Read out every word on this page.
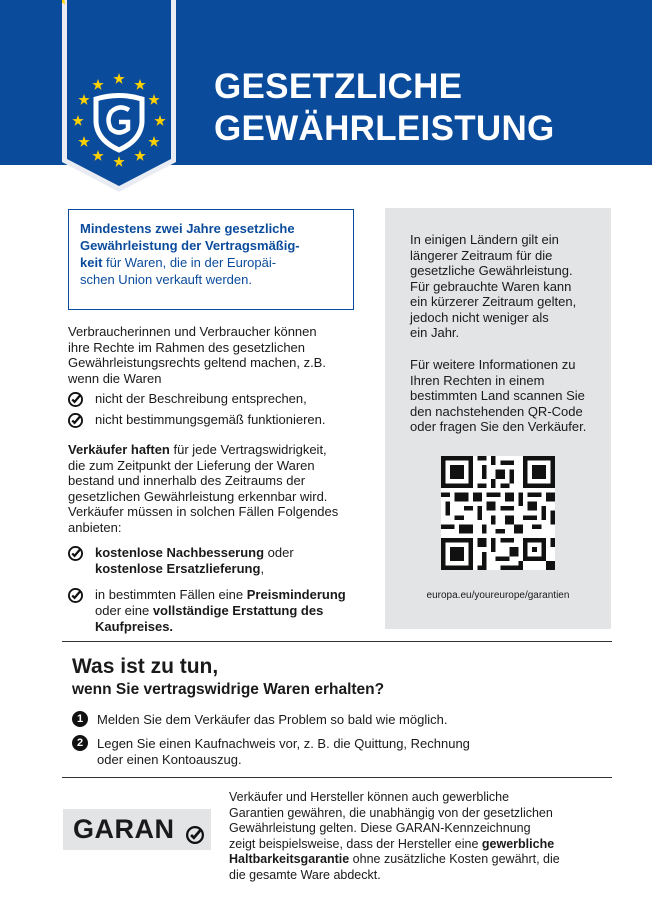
GESETZLICHE
GEWÄHRLEISTUNG
Mindestens zwei Jahre gesetzliche
Gewährleistung der Vertragsmäßig-
keit für Waren, die in der Europäi-
schen Union verkauft werden.
Verbraucherinnen und Verbraucher können
ihre Rechte im Rahmen des gesetzlichen
Gewährleistungsrechts geltend machen, z.B.
wenn die Waren
nicht der Beschreibung entsprechen,
nicht bestimmungsgemäß funktionieren.
Verkäufer haften für jede Vertragswidrigkeit,
die zum Zeitpunkt der Lieferung der Waren
bestand und innerhalb des Zeitraums der
gesetzlichen Gewährleistung erkennbar wird.
Verkäufer müssen in solchen Fällen Folgendes
anbieten:
kostenlose Nachbesserung oder
kostenlose Ersatzlieferung,
in bestimmten Fällen eine Preisminderung
oder eine vollständige Erstattung des
Kaufpreises.
In einigen Ländern gilt ein
längerer Zeitraum für die
gesetzliche Gewährleistung.
Für gebrauchte Waren kann
ein kürzerer Zeitraum gelten,
jedoch nicht weniger als
ein Jahr.
Für weitere Informationen zu
Ihren Rechten in einem
bestimmten Land scannen Sie
den nachstehenden QR-Code
oder fragen Sie den Verkäufer.
europa.eu/youreurope/garantien
Was ist zu tun,
wenn Sie vertragswidrige Waren erhalten?
1	Melden Sie dem Verkäufer das Problem so bald wie möglich.
2	Legen Sie einen Kaufnachweis vor, z. B. die Quittung, Rechnung
oder einen Kontoauszug.
GARAN
Verkäufer und Hersteller können auch gewerbliche
Garantien gewähren, die unabhängig von der gesetzlichen
Gewährleistung gelten. Diese GARAN-Kennzeichnung
zeigt beispielsweise, dass der Hersteller eine gewerbliche
Haltbarkeitsgarantie ohne zusätzliche Kosten gewährt, die
die gesamte Ware abdeckt.
